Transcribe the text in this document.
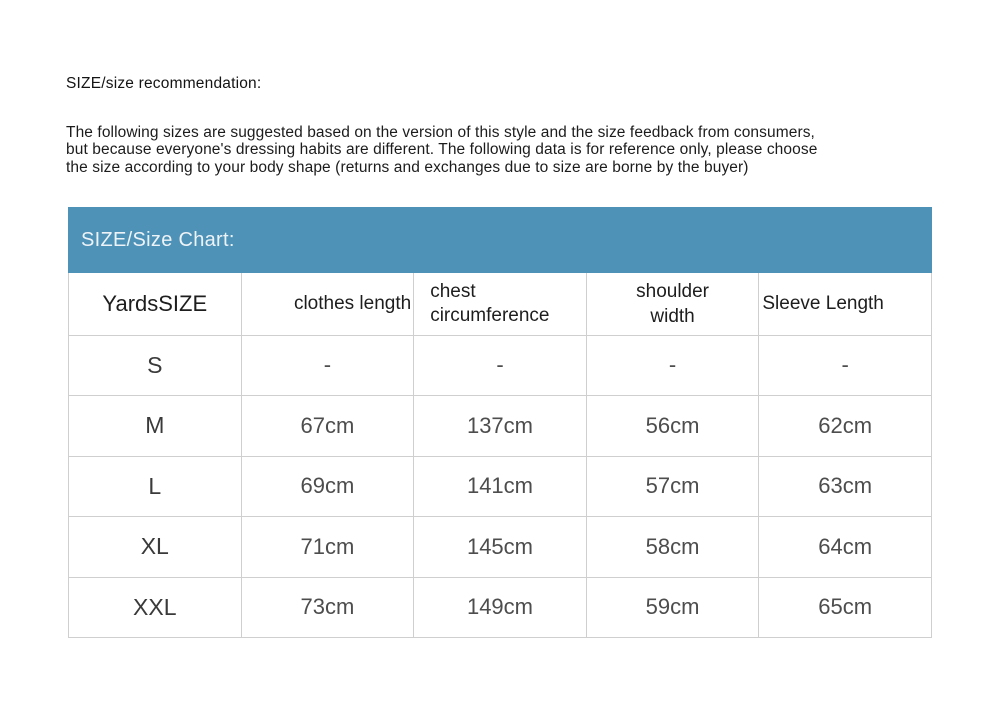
SIZE/size recommendation:
The following sizes are suggested based on the version of this style and the size feedback from consumers,
but because everyone's dressing habits are different. The following data is for reference only, please choose
the size according to your body shape (returns and exchanges due to size are borne by the buyer)
SIZE/Size Chart:
YardsSIZE	clothes length	chest circumference	shoulder width	Sleeve Length
S	-	-	-	-
M	67cm	137cm	56cm	62cm
L	69cm	141cm	57cm	63cm
XL	71cm	145cm	58cm	64cm
XXL	73cm	149cm	59cm	65cm
